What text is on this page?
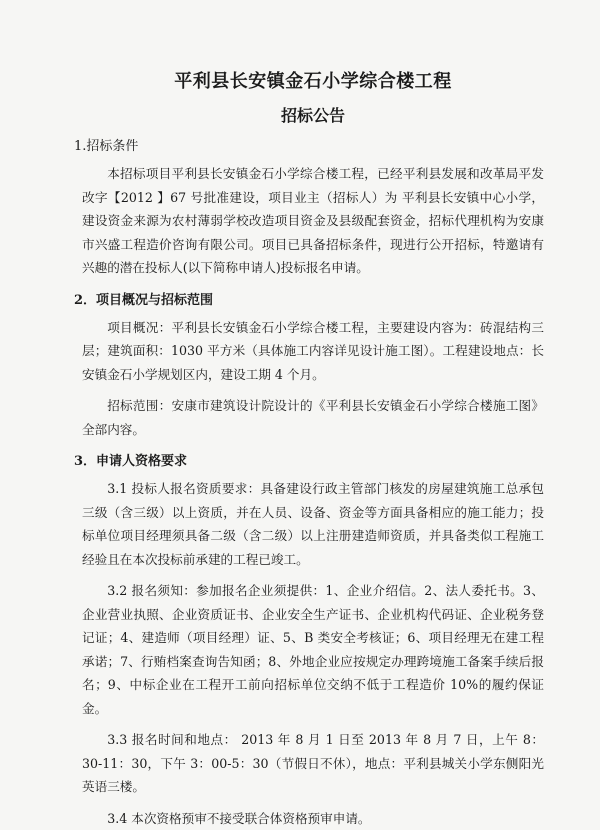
平利县长安镇金石小学综合楼工程
招标公告
1.招标条件

本招标项目平利县长安镇金石小学综合楼工程，已经平利县发展和改革局平发改字【2012 】67 号批准建设，项目业主（招标人）为 平利县长安镇中心小学，建设资金来源为农村薄弱学校改造项目资金及县级配套资金，招标代理机构为安康市兴盛工程造价咨询有限公司。项目已具备招标条件，现进行公开招标，特邀请有兴趣的潜在投标人(以下简称申请人)投标报名申请。

2．项目概况与招标范围

项目概况：平利县长安镇金石小学综合楼工程，主要建设内容为：砖混结构三层；建筑面积：1030 平方米（具体施工内容详见设计施工图）。工程建设地点：长安镇金石小学规划区内，建设工期 4 个月。

招标范围：安康市建筑设计院设计的《平利县长安镇金石小学综合楼施工图》全部内容。

3．申请人资格要求

3.1 投标人报名资质要求：具备建设行政主管部门核发的房屋建筑施工总承包三级（含三级）以上资质，并在人员、设备、资金等方面具备相应的施工能力；投标单位项目经理须具备二级（含二级）以上注册建造师资质，并具备类似工程施工经验且在本次投标前承建的工程已竣工。

3.2 报名须知：参加报名企业须提供：1、企业介绍信。2、法人委托书。3、企业营业执照、企业资质证书、企业安全生产证书、企业机构代码证、企业税务登记证；4、建造师（项目经理）证、5、B 类安全考核证；6、项目经理无在建工程承诺；7、行贿档案查询告知函；8、外地企业应按规定办理跨境施工备案手续后报名；9、中标企业在工程开工前向招标单位交纳不低于工程造价 10%的履约保证金。

3.3 报名时间和地点： 2013 年 8 月 1 日至 2013 年 8 月 7 日，上午 8：30-11：30，下午 3：00-5：30（节假日不休），地点：平利县城关小学东侧阳光英语三楼。

3.4 本次资格预审不接受联合体资格预审申请。
